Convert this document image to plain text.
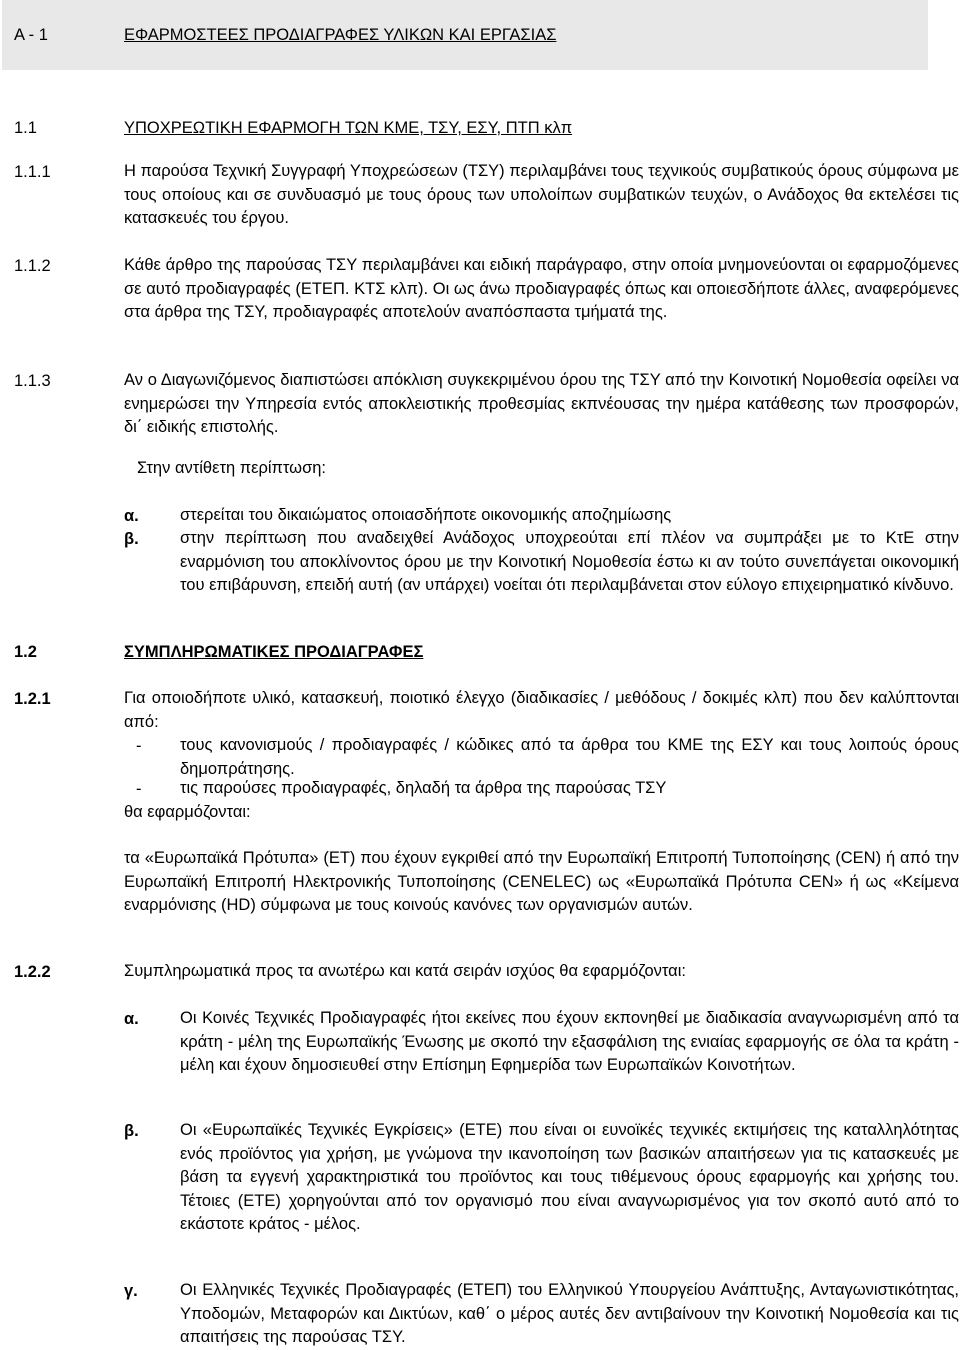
Α - 1	ΕΦΑΡΜΟΣΤΕΕΣ ΠΡΟΔΙΑΓΡΑΦΕΣ ΥΛΙΚΩΝ ΚΑΙ ΕΡΓΑΣΙΑΣ
1.1	ΥΠΟΧΡΕΩΤΙΚΗ ΕΦΑΡΜΟΓΗ ΤΩΝ ΚΜΕ, ΤΣΥ, ΕΣΥ, ΠΤΠ κλπ
1.1.1	Η παρούσα Τεχνική Συγγραφή Υποχρεώσεων (ΤΣΥ) περιλαμβάνει τους τεχνικούς συμβατικούς όρους σύμφωνα με τους οποίους και σε συνδυασμό με τους όρους των υπολοίπων συμβατικών τευχών, ο Ανάδοχος θα εκτελέσει τις κατασκευές του έργου.

1.1.2	Κάθε άρθρο της παρούσας ΤΣΥ περιλαμβάνει και ειδική παράγραφο, στην οποία μνημονεύονται οι εφαρμοζόμενες σε αυτό προδιαγραφές (ΕΤΕΠ. ΚΤΣ κλπ). Οι ως άνω προδιαγραφές όπως και οποιεσδήποτε άλλες, αναφερόμενες στα άρθρα της ΤΣΥ, προδιαγραφές αποτελούν αναπόσπαστα τμήματά της.

1.1.3	Αν ο Διαγωνιζόμενος διαπιστώσει απόκλιση συγκεκριμένου όρου της ΤΣΥ από την Κοινοτική Νομοθεσία οφείλει να ενημερώσει την Υπηρεσία εντός αποκλειστικής προθεσμίας εκπνέουσας την ημέρα κατάθεσης των προσφορών, δι΄ ειδικής επιστολής.

Στην αντίθετη περίπτωση:
α.	στερείται του δικαιώματος οποιασδήποτε οικονομικής αποζημίωσης

β.	στην περίπτωση που αναδειχθεί Ανάδοχος υποχρεούται επί πλέον να συμπράξει με το ΚτΕ στην εναρμόνιση του αποκλίνοντος όρου με την Κοινοτική Νομοθεσία έστω κι αν τούτο συνεπάγεται οικονομική του επιβάρυνση, επειδή αυτή (αν υπάρχει) νοείται ότι περιλαμβάνεται στον εύλογο επιχειρηματικό κίνδυνο.

1.2	ΣΥΜΠΛΗΡΩΜΑΤΙΚΕΣ ΠΡΟΔΙΑΓΡΑΦΕΣ
1.2.1	Για οποιοδήποτε υλικό, κατασκευή, ποιοτικό έλεγχο (διαδικασίες / μεθόδους / δοκιμές κλπ) που δεν καλύπτονται από:

- τους κανονισμούς / προδιαγραφές / κώδικες από τα άρθρα του ΚΜΕ της ΕΣΥ και τους λοιπούς όρους δημοπράτησης.

- τις παρούσες προδιαγραφές, δηλαδή τα άρθρα της παρούσας ΤΣΥ

θα εφαρμόζονται:

τα «Ευρωπαϊκά Πρότυπα» (ΕΤ) που έχουν εγκριθεί από την Ευρωπαϊκή Επιτροπή Τυποποίησης (CEN) ή από την Ευρωπαϊκή Επιτροπή Ηλεκτρονικής Τυποποίησης (CENELEC) ως «Ευρωπαϊκά Πρότυπα CEN» ή ως «Κείμενα εναρμόνισης (HD) σύμφωνα με τους κοινούς κανόνες των οργανισμών αυτών.

1.2.2	Συμπληρωματικά προς τα ανωτέρω και κατά σειράν ισχύος θα εφαρμόζονται:

α.	Οι Κοινές Τεχνικές Προδιαγραφές ήτοι εκείνες που έχουν εκπονηθεί με διαδικασία αναγνωρισμένη από τα κράτη - μέλη της Ευρωπαϊκής Ένωσης με σκοπό την εξασφάλιση της ενιαίας εφαρμογής σε όλα τα κράτη - μέλη και έχουν δημοσιευθεί στην Επίσημη Εφημερίδα των Ευρωπαϊκών Κοινοτήτων.

β.	Οι «Ευρωπαϊκές Τεχνικές Εγκρίσεις» (ΕΤΕ) που είναι οι ευνοϊκές τεχνικές εκτιμήσεις της καταλληλότητας ενός προϊόντος για χρήση, με γνώμονα την ικανοποίηση των βασικών απαιτήσεων για τις κατασκευές με βάση τα εγγενή χαρακτηριστικά του προϊόντος και τους τιθέμενους όρους εφαρμογής και χρήσης του. Τέτοιες (ΕΤΕ) χορηγούνται από τον οργανισμό που είναι αναγνωρισμένος για τον σκοπό αυτό από το εκάστοτε κράτος - μέλος.

γ.	Οι Ελληνικές Τεχνικές Προδιαγραφές (ΕΤΕΠ) του Ελληνικού Υπουργείου Ανάπτυξης, Ανταγωνιστικότητας, Υποδομών, Μεταφορών και Δικτύων, καθ΄ ο μέρος αυτές δεν αντιβαίνουν την Κοινοτική Νομοθεσία και τις απαιτήσεις της παρούσας ΤΣΥ.
